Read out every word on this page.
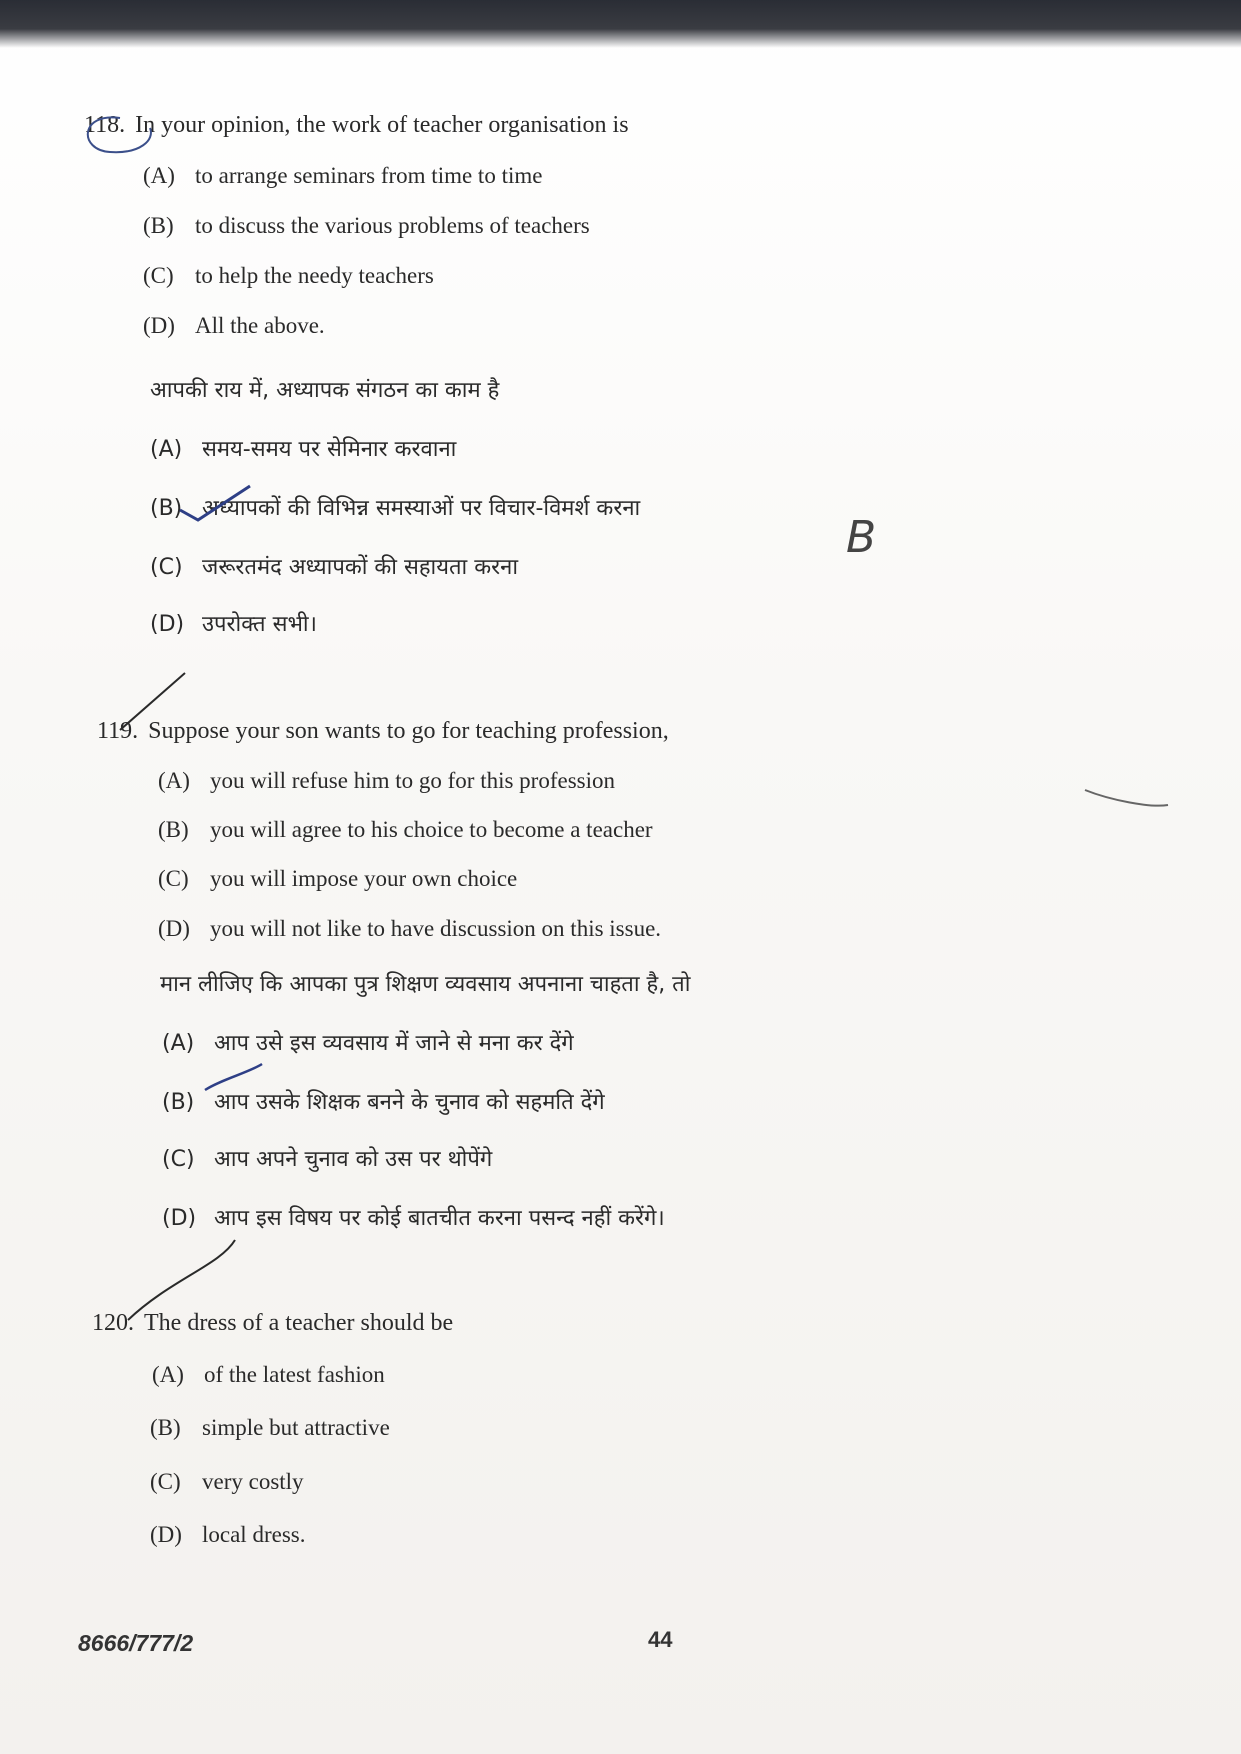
118. In your opinion, the work of teacher organisation is
(A) to arrange seminars from time to time
(B) to discuss the various problems of teachers
(C) to help the needy teachers
(D) All the above.
आपकी राय में, अध्यापक संगठन का काम है
(A) समय-समय पर सेमिनार करवाना
(B) अध्यापकों की विभिन्न समस्याओं पर विचार-विमर्श करना
(C) जरूरतमंद अध्यापकों की सहायता करना
(D) उपरोक्त सभी।
B
119. Suppose your son wants to go for teaching profession,
(A) you will refuse him to go for this profession
(B) you will agree to his choice to become a teacher
(C) you will impose your own choice
(D) you will not like to have discussion on this issue.
मान लीजिए कि आपका पुत्र शिक्षण व्यवसाय अपनाना चाहता है, तो
(A) आप उसे इस व्यवसाय में जाने से मना कर देंगे
(B) आप उसके शिक्षक बनने के चुनाव को सहमति देंगे
(C) आप अपने चुनाव को उस पर थोपेंगे
(D) आप इस विषय पर कोई बातचीत करना पसन्द नहीं करेंगे।
120. The dress of a teacher should be
(A) of the latest fashion
(B) simple but attractive
(C) very costly
(D) local dress.
8666/777/2	44
